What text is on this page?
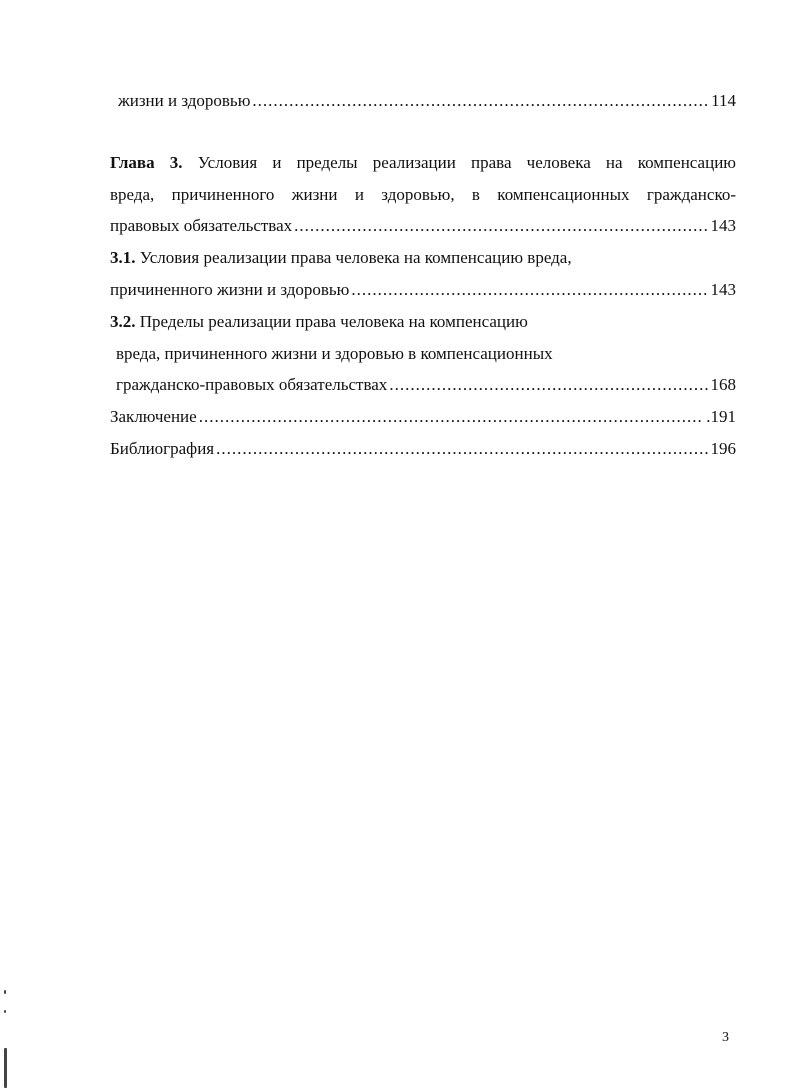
жизни и здоровью .....	114
Глава 3. Условия и пределы реализации права человека на компенсацию
вреда, причиненного жизни и здоровью, в компенсационных гражданско-
правовых обязательствах .....	143
3.1. Условия реализации права человека на компенсацию вреда,
причиненного жизни и здоровью .....	143
3.2. Пределы реализации права человека на компенсацию
вреда, причиненного жизни и здоровью в компенсационных
гражданско-правовых обязательствах .....	168
Заключение .....	.191
Библиография .....	196
3
